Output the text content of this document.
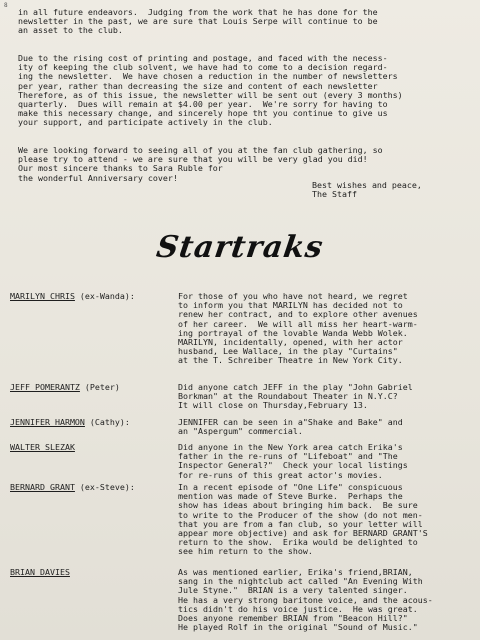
8
in all future endeavors.  Judging from the work that he has done for the
newsletter in the past, we are sure that Louis Serpe will continue to be
an asset to the club.
Due to the rising cost of printing and postage, and faced with the necess-
ity of keeping the club solvent, we have had to come to a decision regard-
ing the newsletter.  We have chosen a reduction in the number of newsletters
per year, rather than decreasing the size and content of each newsletter
Therefore, as of this issue, the newsletter will be sent out (every 3 months)
quarterly.  Dues will remain at $4.00 per year.  We're sorry for having to
make this necessary change, and sincerely hope tht you continue to give us
your support, and participate actively in the club.
We are looking forward to seeing all of you at the fan club gathering, so
please try to attend - we are sure that you will be very glad you did!
Our most sincere thanks to Sara Ruble for
the wonderful Anniversary cover!
Best wishes and peace,
The Staff
Startraks
MARILYN CHRIS (ex-Wanda):	For those of you who have not heard, we regret
to inform you that MARILYN has decided not to
renew her contract, and to explore other avenues
of her career.  We will all miss her heart-warm-
ing portrayal of the lovable Wanda Webb Wolek.
MARILYN, incidentally, opened, with her actor
husband, Lee Wallace, in the play "Curtains"
at the T. Schreiber Theatre in New York City.
JEFF POMERANTZ (Peter)	Did anyone catch JEFF in the play "John Gabriel
Borkman" at the Roundabout Theater in N.Y.C?
It will close on Thursday,February 13.
JENNIFER HARMON (Cathy):	JENNIFER can be seen in a"Shake and Bake" and
an "Aspergum" commercial.
WALTER SLEZAK	Did anyone in the New York area catch Erika's
father in the re-runs of "Lifeboat" and "The
Inspector General?"  Check your local listings
for re-runs of this great actor's movies.
BERNARD GRANT (ex-Steve):	In a recent episode of "One Life" conspicuous
mention was made of Steve Burke.  Perhaps the
show has ideas about bringing him back.  Be sure
to write to the Producer of the show (do not men-
that you are from a fan club, so your letter will
appear more objective) and ask for BERNARD GRANT'S
return to the show.  Erika would be delighted to
see him return to the show.
BRIAN DAVIES	As was mentioned earlier, Erika's friend,BRIAN,
sang in the nightclub act called "An Evening With
Jule Styne."  BRIAN is a very talented singer.
He has a very strong baritone voice, and the acous-
tics didn't do his voice justice.  He was great.
Does anyone remember BRIAN from "Beacon Hill?"
He played Rolf in the original "Sound of Music."
